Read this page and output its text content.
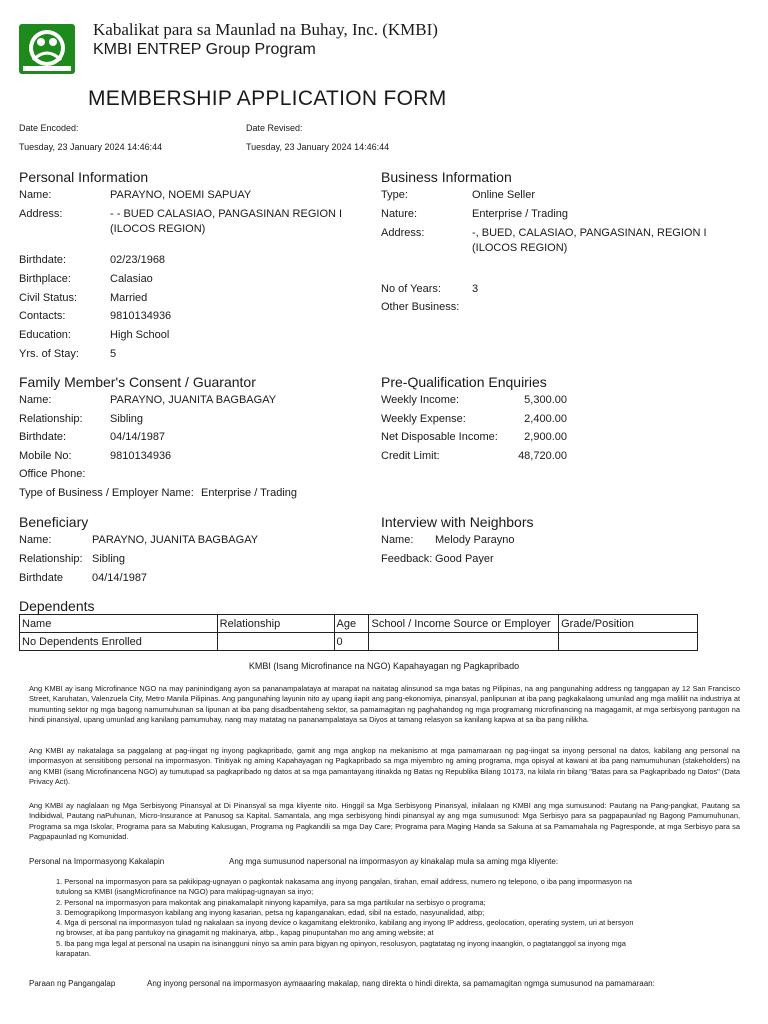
Kabalikat para sa Maunlad na Buhay, Inc. (KMBI)
KMBI ENTREP Group Program
MEMBERSHIP APPLICATION FORM
Date Encoded:
Tuesday, 23 January 2024 14:46:44
Date Revised:
Tuesday, 23 January 2024 14:46:44
Personal Information
Name:	PARAYNO, NOEMI SAPUAY
Address:	- - BUED CALASIAO, PANGASINAN REGION I
(ILOCOS REGION)
Birthdate:	02/23/1968
Birthplace:	Calasiao
Civil Status:	Married
Contacts:	9810134936
Education:	High School
Yrs. of Stay:	5
Business Information
Type:	Online Seller
Nature:	Enterprise / Trading
Address:	-, BUED, CALASIAO, PANGASINAN, REGION I
(ILOCOS REGION)
No of Years:	3
Other Business:
Family Member's Consent / Guarantor
Name:	PARAYNO, JUANITA BAGBAGAY
Relationship: Sibling
Birthdate:	04/14/1987
Mobile No:	9810134936
Office Phone:
Type of Business / Employer Name: Enterprise / Trading
Pre-Qualification Enquiries
Weekly Income:	5,300.00
Weekly Expense:	2,400.00
Net Disposable Income: 2,900.00
Credit Limit:	48,720.00
Beneficiary
Name:	PARAYNO, JUANITA BAGBAGAY
Relationship: Sibling
Birthdate	04/14/1987
Interview with Neighbors
Name: Melody Parayno
Feedback: Good Payer
Dependents
Name	Relationship	Age	School / Income Source or Employer	Grade/Position
No Dependents Enrolled		0		
KMBI (Isang Microfinance na NGO) Kapahayagan ng Pagkapribado
Ang KMBI ay isang Microfinance NGO na may paninindigang ayon sa pananampalataya at marapat na naitatag alinsunod sa mga batas ng Pilipinas, na ang pangunahing address ng tanggapan ay 12 San Francisco Street, Karuhatan, Valenzuela City, Metro Manila Pilipinas. Ang pangunahing layunin nito ay upang iiapit ang pang-ekonomiya, pinansyal, panlipunan at iba pang pagkakalaong umunlad ang mga maliliit na industriya at mumunting sektor ng mga bagong namumuhunan sa lipunan at iba pang disadbentaheng sektor, sa pamamagitan ng paghahandog ng mga programang microfinancing na magagamit, at mga serbisyong pantugon na hindi pinansiyal, upang umunlad ang kanilang pamumuhay, nang may matatag na pananampalataya sa Diyos at tamang relasyon sa kanilang kapwa at sa iba pang nilikha.
Ang KMBI ay nakatalaga sa paggalang at pag-iingat ng inyong pagkapribado, gamit ang mga angkop na mekanismo at mga pamamaraan ng pag-iingat sa inyong personal na datos, kabilang ang personal na impormasyon at sensitibong personal na impormasyon. Tinitiyak ng aming Kapahayagan ng Pagkapribado sa mga miyembro ng aming programa, mga opisyal at kawani at iba pang namumuhunan (stakeholders) na ang KMBI (isang Microfinancena NGO) ay tumutupad sa pagkapribado ng datos at sa mga pamantayang itinakda ng Batas ng Republika Bilang 10173, na kilala rin bilang "Batas para sa Pagkapribado ng Datos" (Data Privacy Act).
Ang KMBI ay naglalaan ng Mga Serbisyong Pinansyal at Di Pinansyal sa mga kliyente nito. Hinggil sa Mga Serbisyong Pinansyal, inilalaan ng KMBI ang mga sumusunod: Pautang na Pang-pangkat, Pautang sa Indibidwal, Pautang naPuhunan, Micro-Insurance at Panusog sa Kapital. Samantala, ang mga serbisyong hindi pinansyal ay ang mga sumusunod: Mga Serbisyo para sa pagpapaunlad ng Bagong Pamumuhunan, Programa sa mga Iskolar, Programa para sa Mabuting Kalusugan, Programa ng Pagkandili sa mga Day Care; Programa para Maging Handa sa Sakuna at sa Pamamahala ng Pagresponde, at mga Serbisyo para sa Pagpapaunlad ng Komunidad.
Personal na Impormasyong Kakalapin	Ang mga sumusunod napersonal na impormasyon ay kinakalap mula sa aming mga kliyente:
1. Personal na impormasyon para sa pakikipag-ugnayan o pagkontak nakasama ang inyong pangalan, tirahan, email address, numero ng telepono, o iba pang impormasyon na
tutulong sa KMBI (isangMicrofinance na NGO) para makipag-ugnayan sa inyo;
2. Personal na impormasyon para makontak ang pinakamalapit ninyong kapamilya, para sa mga partikular na serbisyo o programa;
3. Demograpikong Impormasyon kabilang ang inyong kasarian, petsa ng kapanganakan, edad, sibil na estado, nasyunalidad, atbp;
4. Mga di personal na impormasyon tulad ng nakalaan sa inyong device o kagamitang elektroniko, kabilang ang inyong IP address, geolocation, operating system, uri at bersyon
ng browser, at iba pang pantukoy na ginagamit ng makinarya, atbp., kapag pinupuntahan mo ang aming website; at
5. Iba pang mga legal at personal na usapin na isinangguni ninyo sa amin para bigyan ng opinyon, resolusyon, pagtatatag ng inyong inaangkin, o pagtatanggol sa inyong mga
karapatan.
Paraan ng Pangangalap	Ang inyong personal na impormasyon aymaaaring makalap, nang direkta o hindi direkta, sa pamamagitan ngmga sumusunod na pamamaraan:
